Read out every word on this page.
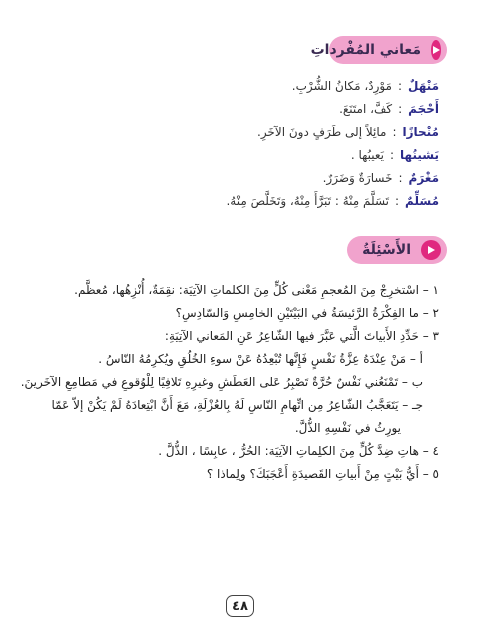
مَعاني المُفْرداتِ
مَنْهَلٌ
:
مَوْرِدٌ، مَكانُ الشُّرْبِ.
أَحْجَمَ
:
كَفَّ، امتَنَعَ.
مُنْحازًا
:
مائِلاً إلى طَرَفٍ دونَ الآخَرِ.
يَشينُها
:
يَعيبُها .
مَغْرَمٌ
:
خَسارَةٌ وَضَرَرٌ.
مُسَلِّمٌ
:
تَسَلَّمَ مِنْهُ : تَبَرَّأَ مِنْهُ، وَتَخَلَّصَ مِنْهُ.
الأَسْئِلَةُ
١ – اسْتخرِجْ مِنَ المُعجمِ مَعْنى كُلٍّ مِنَ الكلماتِ الآتِيَة: نقِمَةٌ، أُنْزِهُها، مُعظَّم.
٢ – ما الفِكْرَةُ الرَّئيسَةُ في البَيْتَيْنِ الخامِسِ وَالسّادِسِ؟
٣ – حَدِّدِ الأَبياتَ الَّتي عَبَّرَ فيها الشّاعِرُ عَنِ المَعاني الآتِيَةِ:
أ – مَنْ عِنْدَهُ عِزَّةُ نَفْسٍ فَإِنَّها تُبْعِدُهُ عَنْ سوءِ الخُلُقِ ويُكرِمُهُ النّاسُ .
ب – تَمْنَعُني نَفْسٌ حُرَّةٌ تَصْبِرُ عَلى العَطَشِ وغيرِهِ تَلافِيًا لِلْوُقوعِ في مَطامِعِ الآخَرينَ.
جـ – يَتَعَجَّبُ الشّاعِرُ مِن اتِّهامِ النّاسِ لَهُ بِالعُزْلَةِ، مَعَ أَنَّ ابْتِعادَهُ لَمْ يَكُنْ إلاّ عَمّا
يورِثُ في نَفْسِهِ الذُّلَّ.
٤ – هاتِ ضِدَّ كُلٍّ مِنَ الكلِماتِ الآتِيَة: الحُرُّ ، عابِسًا ، الذُّلَّ .
٥ – أَيُّ بَيْتٍ مِنْ أَبياتِ القَصيدَةِ أَعْجَبَكَ؟ ولِماذا ؟
٤٨
